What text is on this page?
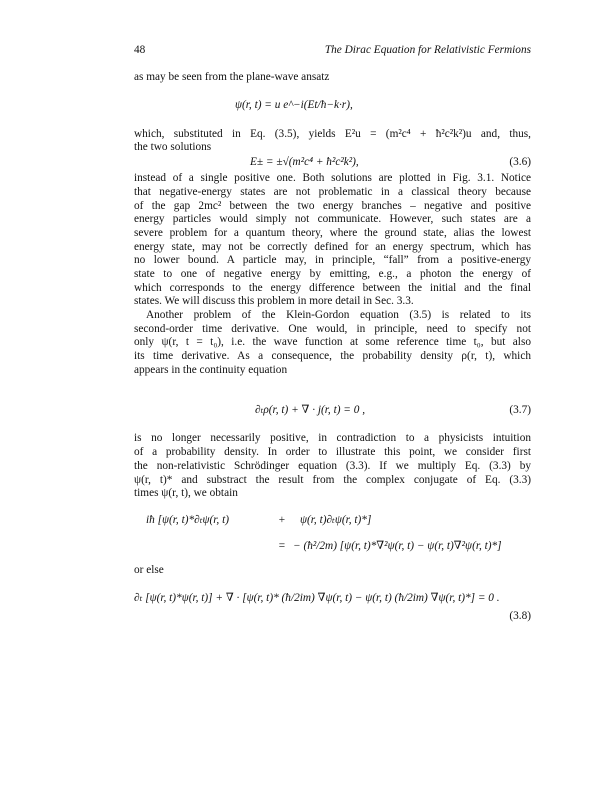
48	The Dirac Equation for Relativistic Fermions
ψ(r, t) = u e^−i(Et/ħ−k·r),
E± = ±√(m²c⁴ + ħ²c²k²),	(3.6)
∂ₜρ(r, t) + ∇ · j(r, t) = 0 ,	(3.7)
iħ [ψ(r, t)*∂ₜψ(r, t)	+ ψ(r, t)∂ₜψ(r, t)*]
= − (ħ²/2m) [ψ(r, t)*∇²ψ(r, t) − ψ(r, t)∇²ψ(r, t)*]
∂ₜ [ψ(r, t)*ψ(r, t)] + ∇ · [ψ(r, t)* (ħ/2im) ∇ψ(r, t) − ψ(r, t) (ħ/2im) ∇ψ(r, t)*] = 0 .
(3.8)
as may be seen from the plane-wave ansatz
which, substituted in Eq. (3.5), yields E²u = (m²c⁴ + ħ²c²k²)u and, thus,
the two solutions
instead of a single positive one. Both solutions are plotted in Fig. 3.1. Notice
that negative-energy states are not problematic in a classical theory because
of the gap 2mc² between the two energy branches – negative and positive
energy particles would simply not communicate. However, such states are a
severe problem for a quantum theory, where the ground state, alias the lowest
energy state, may not be correctly defined for an energy spectrum, which has
no lower bound. A particle may, in principle, “fall” from a positive-energy
state to one of negative energy by emitting, e.g., a photon the energy of
which corresponds to the energy difference between the initial and the final
states. We will discuss this problem in more detail in Sec. 3.3.
Another problem of the Klein-Gordon equation (3.5) is related to its
second-order time derivative. One would, in principle, need to specify not
only ψ(r, t = t₀), i.e. the wave function at some reference time t₀, but also
its time derivative. As a consequence, the probability density ρ(r, t), which
appears in the continuity equation
is no longer necessarily positive, in contradiction to a physicists intuition
of a probability density. In order to illustrate this point, we consider first
the non-relativistic Schrödinger equation (3.3). If we multiply Eq. (3.3) by
ψ(r, t)* and substract the result from the complex conjugate of Eq. (3.3)
times ψ(r, t), we obtain
or else
